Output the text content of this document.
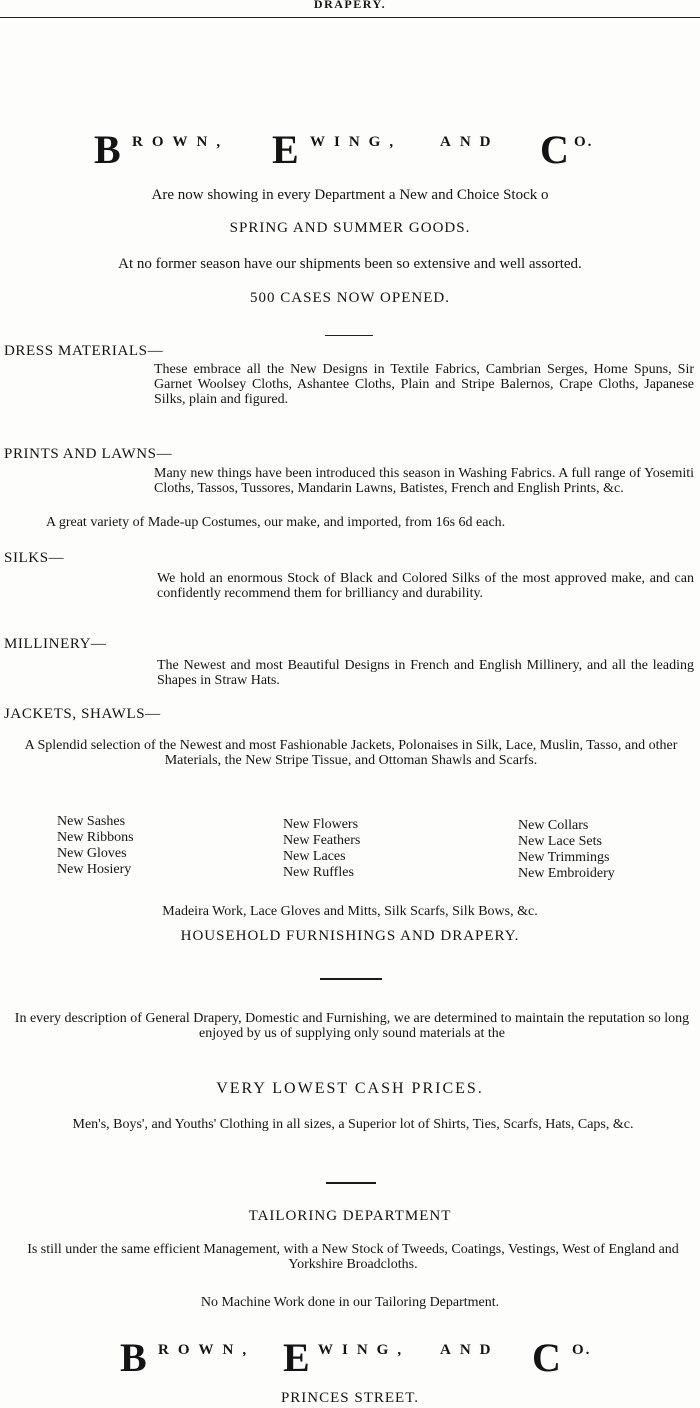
DRAPERY.
B ROWN, E WING,	AND C O.
Are now showing in every Department a New and Choice Stock o
SPRING AND SUMMER GOODS.
At no former season have our shipments been so extensive and well assorted.
500 CASES NOW OPENED.
DRESS MATERIALS—
These embrace all the New Designs in Textile Fabrics, Cambrian Serges, Home Spuns, Sir Garnet Woolsey Cloths, Ashantee Cloths, Plain and Stripe Balernos, Crape Cloths, Japanese Silks, plain and figured.
PRINTS AND LAWNS—
Many new things have been introduced this season in Washing Fabrics. A full range of Yosemiti Cloths, Tassos, Tussores, Mandarin Lawns, Batistes, French and English Prints, &c.
A great variety of Made-up Costumes, our make, and imported, from 16s 6d each.
SILKS—
We hold an enormous Stock of Black and Colored Silks of the most approved make, and can confidently recommend them for brilliancy and durability.
MILLINERY—
The Newest and most Beautiful Designs in French and English Millinery, and all the leading Shapes in Straw Hats.
JACKETS, SHAWLS—
A Splendid selection of the Newest and most Fashionable Jackets, Polonaises in Silk, Lace, Muslin, Tasso, and other Materials, the New Stripe Tissue, and Ottoman Shawls and Scarfs.
New Sashes
New Ribbons
New Gloves
New Hosiery
New Flowers
New Feathers
New Laces
New Ruffles
New Collars
New Lace Sets
New Trimmings
New Embroidery
Madeira Work, Lace Gloves and Mitts, Silk Scarfs, Silk Bows, &c.
HOUSEHOLD FURNISHINGS AND DRAPERY.
In every description of General Drapery, Domestic and Furnishing, we are determined to maintain the reputation so long enjoyed by us of supplying only sound materials at the
VERY LOWEST CASH PRICES.
Men's, Boys', and Youths' Clothing in all sizes, a Superior lot of Shirts, Ties, Scarfs, Hats, Caps, &c.
TAILORING DEPARTMENT
Is still under the same efficient Management, with a New Stock of Tweeds, Coatings, Vestings, West of England and Yorkshire Broadcloths.
No Machine Work done in our Tailoring Department.
B ROWN, E WING, AND C O.
PRINCES STREET.
